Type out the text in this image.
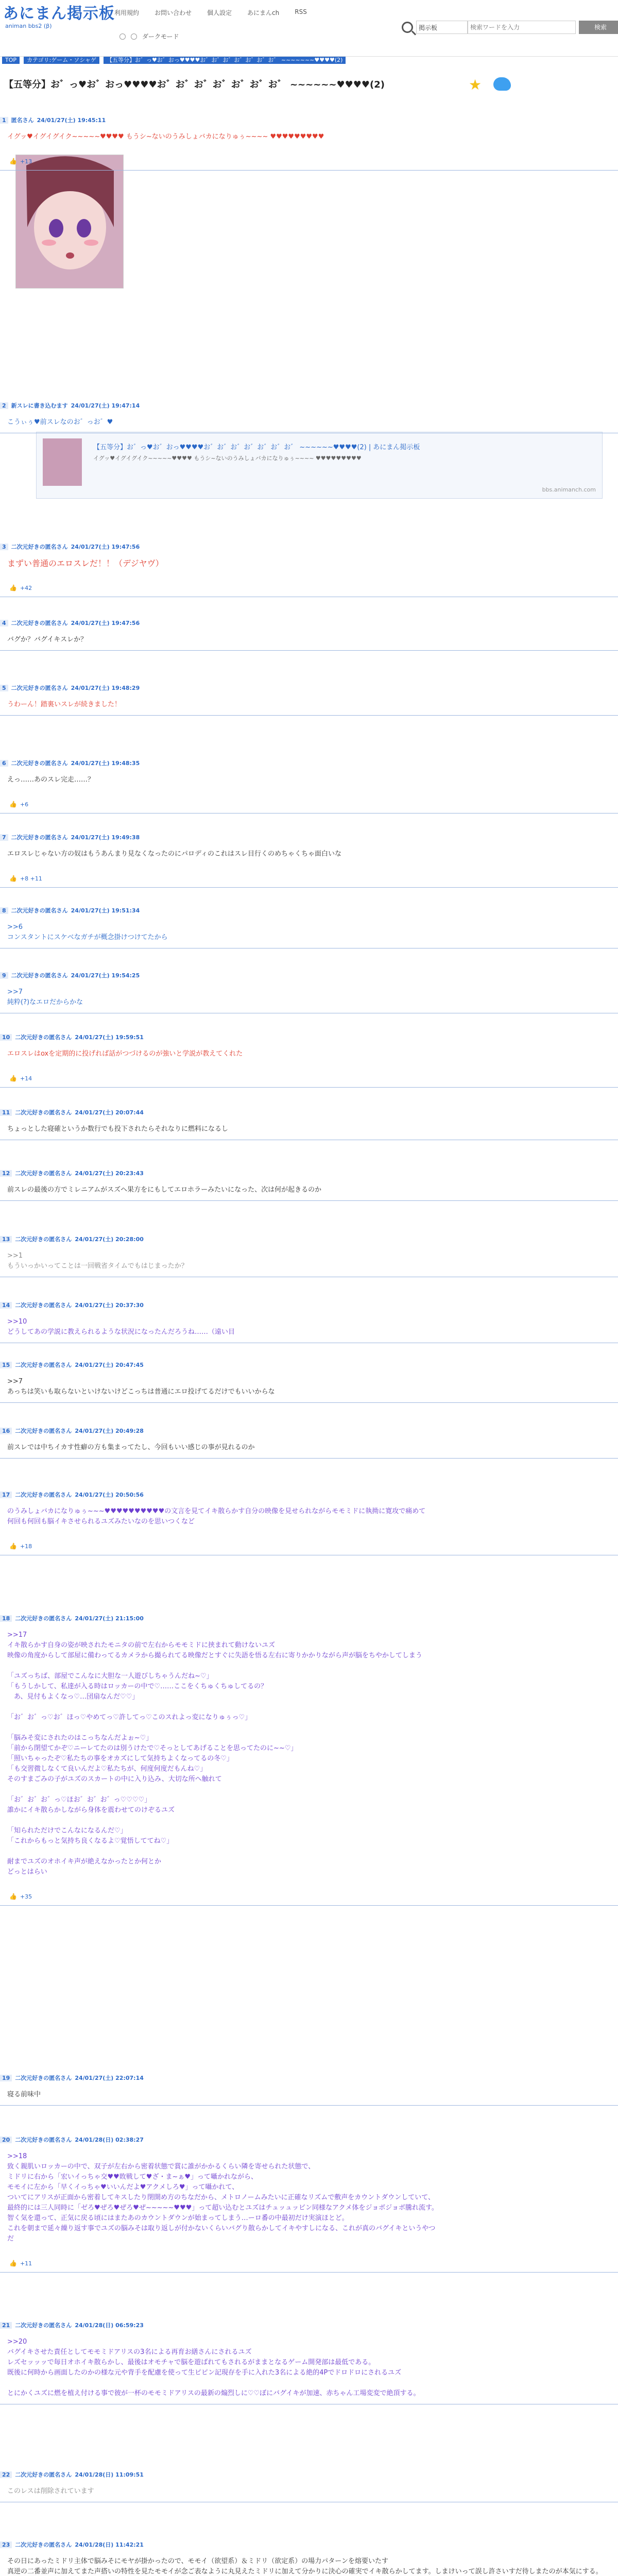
あにまん掲示板
animan bbs2 (β)
利用規約	お問い合わせ	個人設定	あにまんch	RSS
ダークモード
掲示板
検索ワードを入力	検索
TOP	カテゴリ:ゲーム・ソシャゲ	【五等分】お゛っ♥お゛おっ♥♥♥♥お゛お゛お゛お゛お゛お゛お゛ ~~~~~~~♥♥♥♥(2)
【五等分】お゛っ♥お゛おっ♥♥♥♥お゛お゛お゛お゛お゛お゛お゛ ~~~~~~♥♥♥♥(2)	★
【五等分】お゛っ♥お゛おっ♥♥♥♥お゛お゛お゛お゛お゛お゛お゛ ~~~~~~♥♥♥♥(2) | あにまん掲示板
イグッ♥イグイグイク~~~~~♥♥♥♥ もうシ~ないのうみしょバカになりゅぅ~~~~ ♥♥♥♥♥♥♥♥♥
bbs.animanch.com
1 匿名さん 24/01/27(土) 19:45:11
イグッ♥イグイグイク~~~~~♥♥♥♥ もうシ~ないのうみしょバカになりゅぅ~~~~ ♥♥♥♥♥♥♥♥♥
👍 +13
2 新スレに書き込むます 24/01/27(土) 19:47:14
こうぃぅ♥前スレなのお゛っお゛♥
3 二次元好きの匿名さん 24/01/27(土) 19:47:56
まずい普通のエロスレだ！！（デジヤヴ）
👍 +42
4 二次元好きの匿名さん 24/01/27(土) 19:47:56
バグか？バグイキスレか？
5 二次元好きの匿名さん 24/01/27(土) 19:48:29
うわーん！踏裏いスレが続きました！
6 二次元好きの匿名さん 24/01/27(土) 19:48:35
えっ……あのスレ完走……？
👍 +6
7 二次元好きの匿名さん 24/01/27(土) 19:49:38
エロスレじゃない方の奴はもうあんまり見なくなったのにパロディのこれはスレ目行くのめちゃくちゃ面白いな
👍 +8 +11
8 二次元好きの匿名さん 24/01/27(土) 19:51:34
>>6
コンスタントにスケベなガチが概念掛けつけてたから
9 二次元好きの匿名さん 24/01/27(土) 19:54:25
>>7
純粋(?)なエロだからかな
10 二次元好きの匿名さん 24/01/27(土) 19:59:51
エロスレはoxを定期的に投げれば話がつづけるのが強いと学説が教えてくれた
👍 +14
11 二次元好きの匿名さん 24/01/27(土) 20:07:44
ちょっとした寝確というか数行でも投下されたらそれなりに燃料になるし
12 二次元好きの匿名さん 24/01/27(土) 20:23:43
前スレの最後の方でミレニアムがスズヘ果方をにもしてエロホラーみたいになった、次は何が起きるのか
13 二次元好きの匿名さん 24/01/27(土) 20:28:00
>>1
もういっかいってことは一回戦省タイムでもはじまったか？
14 二次元好きの匿名さん 24/01/27(土) 20:37:30
>>10
どうしてあの学説に教えられるような状況になったんだろうね……（遠い目
15 二次元好きの匿名さん 24/01/27(土) 20:47:45
>>7
あっちは笑いも取らないといけないけどこっちは普通にエロ投げてるだけでもいいからな
16 二次元好きの匿名さん 24/01/27(土) 20:49:28
前スレでは中ちイカす性癖の方も集まってたし、今回もいい感じの事が見れるのか
17 二次元好きの匿名さん 24/01/27(土) 20:50:56
のうみしょバカになりゅぅ~~~♥♥♥♥♥♥♥♥♥♥の文言を見てイキ散らかす自分の映像を見せられながらモモミドに執拗に寛攻で痛めて
何回も何回も脳イキさせられるユズみたいなのを思いつくなど
👍 +18
18 二次元好きの匿名さん 24/01/27(土) 21:15:00
>>17
イキ散らかす自身の姿が映されたモニタの前で左右からモモミドに挟まれて動けないユズ
映像の角度からして部屋に備わってるカメラから撮られてる映像だとすぐに失語を悟る左右に寄りかかりながら声が脳をちやかしてしまう

「ユズっちば、部屋でこんなに大胆な一人遊びしちゃうんだね~♡」
「もうしかして、私達が入る時はロッカーの中で♡……ここをくちゅくちゅしてるの？
　あ、見付もよくなっ♡…団扇なんだ♡♡」

「お゛お゛っ♡お゛ほっ♡やめてっ♡許してっ♡このスれよっ変になりゅぅっ♡」

「脳みそ変にされたのはこっちなんだよぉ~♡」
「前から閉望てかぞ♡ニーレてたのは別うけたで♡そっとしてあげることを思ってたのに~~♡」
「照いちゃったぞ♡私たちの事をオカズにして気持ちよくなってるの冬♡」
「も交習微しなくて良いんだよ♡私たちが、何度何度だもんね♡」
そのすまごみの子がユズのスカートの中に入り込み、大切な所へ触れて

「お゛お゛お゛っ♡ほお゛お゛お゛っ♡♡♡♡」
誰かにイキ散らかしながら身体を震わせてのけぞるユズ

「知られただけでこんなになるんだ♡」
「これからもっと気持ち良くなるよ♡覚悟しててね♡」

耐までユズのオホイキ声が絶えなかったとか何とか
どっとはらい
👍 +35
19 二次元好きの匿名さん 24/01/27(土) 22:07:14
寝る前味中
20 二次元好きの匿名さん 24/01/28(日) 02:38:27
>>18
致く親肌いロッカーの中で、双子が左右から密着状態で賞に誰がかかるくらい隣を寄せられた状態で、
ミドリに右から「宏いイっちゃ交♥♥敗戦して♥ざ・ま~ぁ♥」って囁かれながら、
モモイに左から「早くイっちゃ♥いいんだよ♥アクメしろ♥」って囁かれて、
ついてにアリスが正面から密着してキスしたり閉開め方のちなだから、メトロノームみたいに正確なリズムで敷声をカウントダウンしていて、
最終的には三人同時に「ゼろ♥ぜろ♥ぜろ♥ぜ~~~~~♥♥♥」って超い込むとユズはチュッュッビン同様なアクメ体をジョボジョボ騰れ流す。
智く気を還って、正気に戻る頃にはまたあのカウントダウンが始まってしまう…ーロ番の中最初だけ実演ほとど。
これを朝まで延々繰り返す事でユズの脳みそは取り返しが付かないくらいバグり散らかしてイキやすしになる、これが真のバグイキというやつ
だ
👍 +11
21 二次元好きの匿名さん 24/01/28(日) 06:59:23
>>20
バグイキさせた責任としてモモミドアリスの3名による再育お繕さんにされるユズ
レズセッッッで毎日オホイキ散らかし、最後はオモチャで脳を遊ばれてもされるがままとなるゲーム開発部は最低である。
既後に何時から画面したのかの様な元や背手を配慮を使って生ピピン記現存を手に入れた3名による絶的4Pでドロドロにされるユズ

とにかくユズに燃を植え付ける事で彼が一杯のモモミドアリスの最新の煽烈しに♡♡ぼにバグイキが加速、赤ちゃん工場変変で絶頂する。
22 二次元好きの匿名さん 24/01/28(日) 11:09:51
このレスは削除されています
23 二次元好きの匿名さん 24/01/28(日) 11:42:21
その日にあったミドリ主体で脳みそにモヤが掛かったので、モモイ（欲望系）＆ミドリ（欲定系）の場力パターンを熔要いたす
真逆の二番並声に加えてまた声搭いの特性を見たモモイが念ご表なように丸見えたミドリに加えて分かりに決心の確実でイキ散らかしてます。しまけいって誤し許さいすだ待しまたのが本気にする。
